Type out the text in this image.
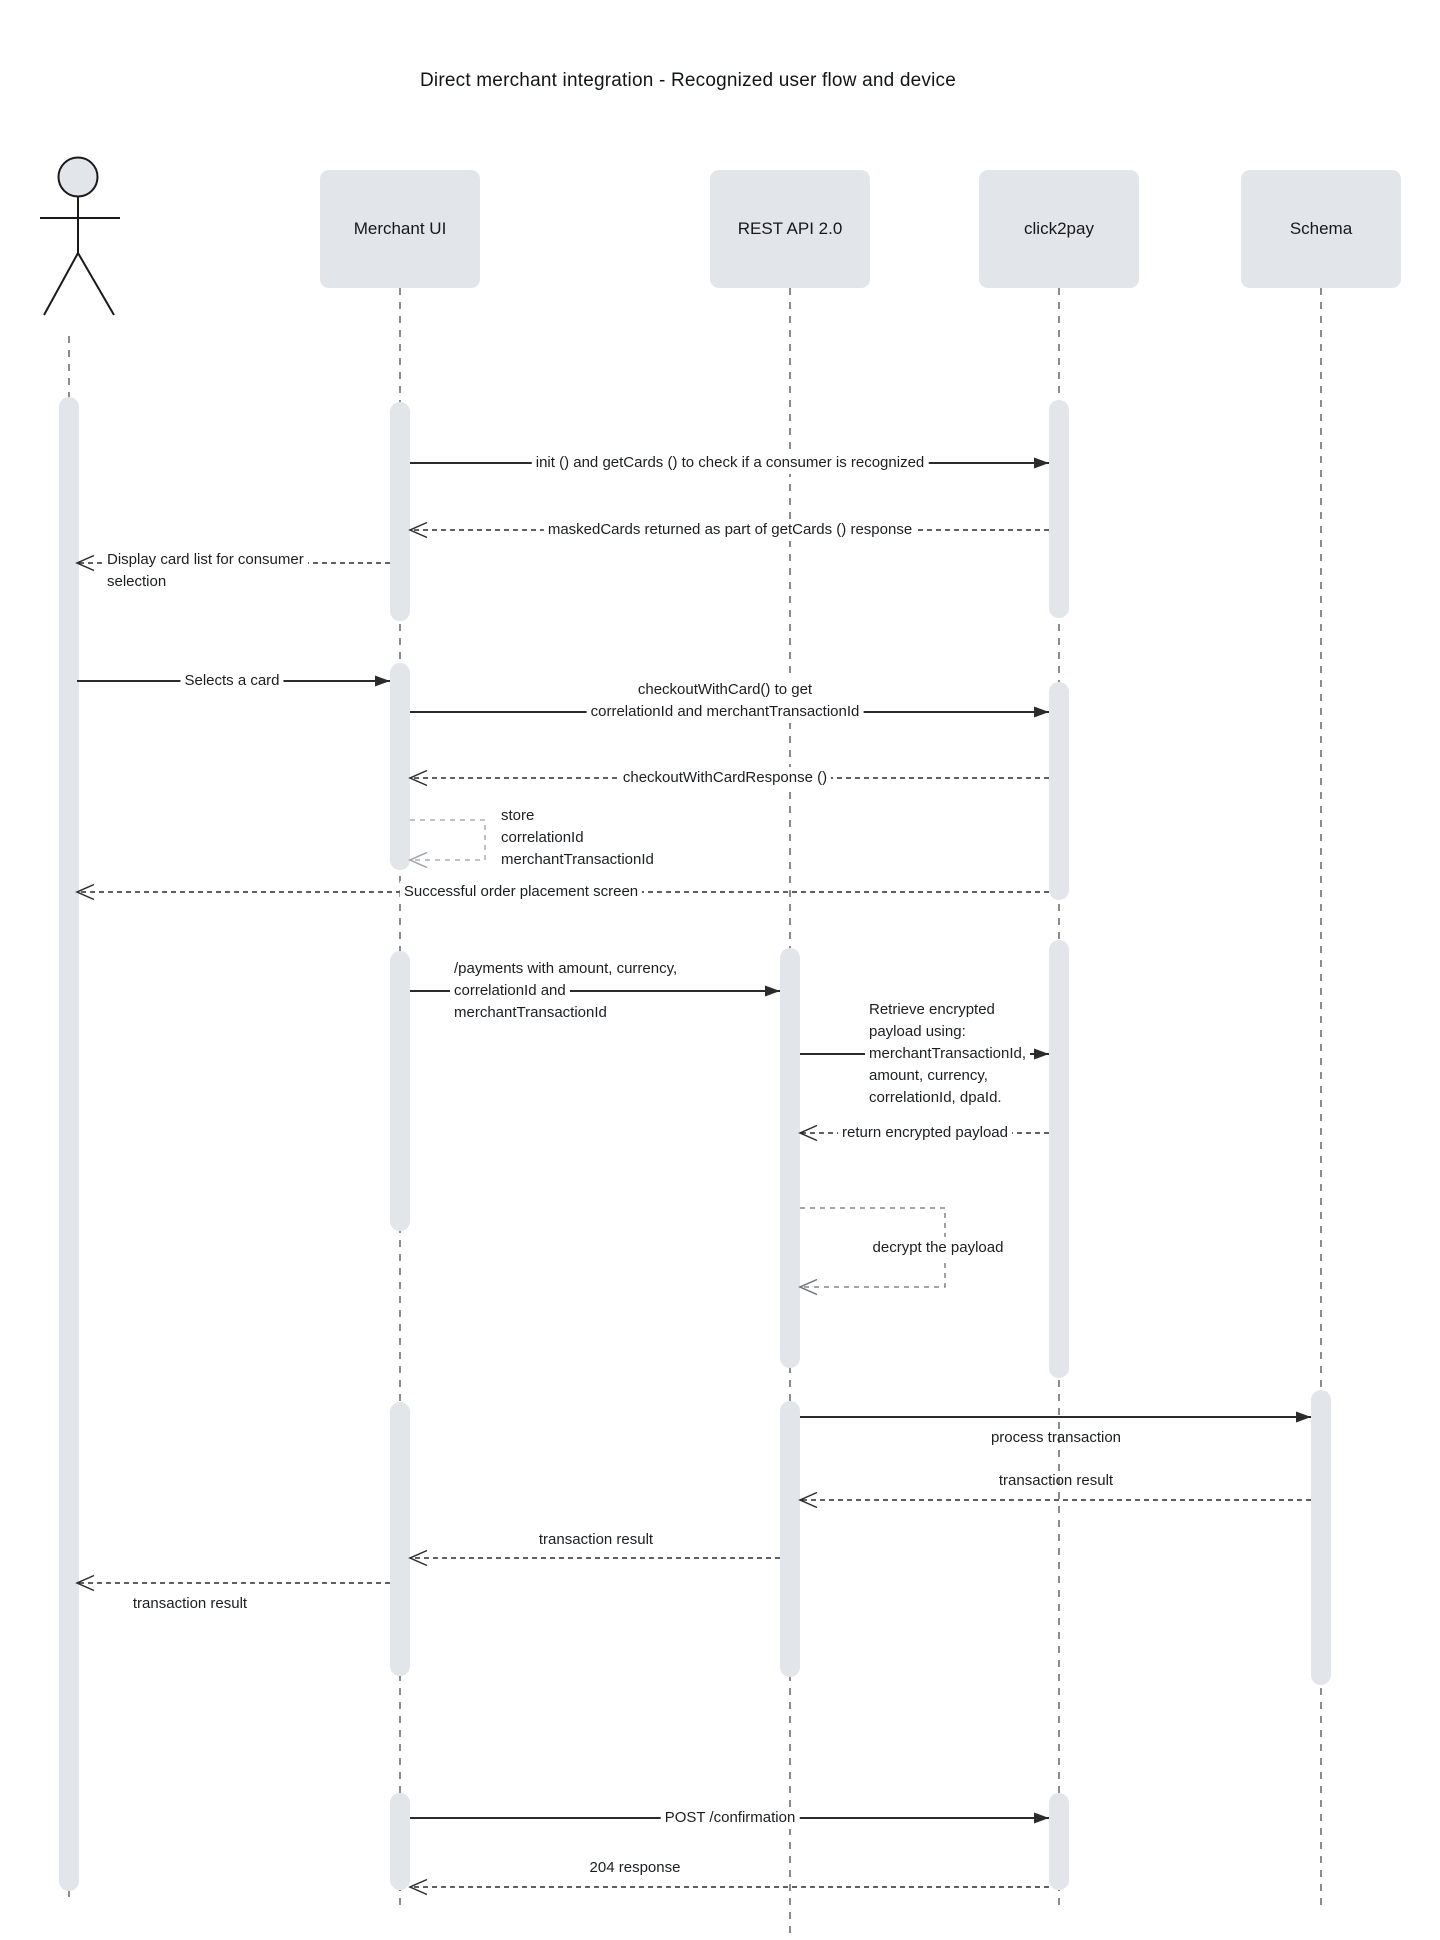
Direct merchant integration - Recognized user flow and device
Merchant UI	REST API 2.0	click2pay	Schema
init () and getCards () to check if a consumer is recognized
maskedCards returned as part of getCards () response
Display card list for consumer
selection
Selects a card
checkoutWithCard() to get
correlationId and merchantTransactionId
checkoutWithCardResponse ()
store
correlationId
merchantTransactionId
Successful order placement screen
/payments with amount, currency,
correlationId and
merchantTransactionId	Retrieve encrypted
payload using:
merchantTransactionId,
amount, currency,
correlationId, dpaId.
return encrypted payload
decrypt the payload
process transaction
transaction result
transaction result
transaction result
POST /confirmation
204 response
